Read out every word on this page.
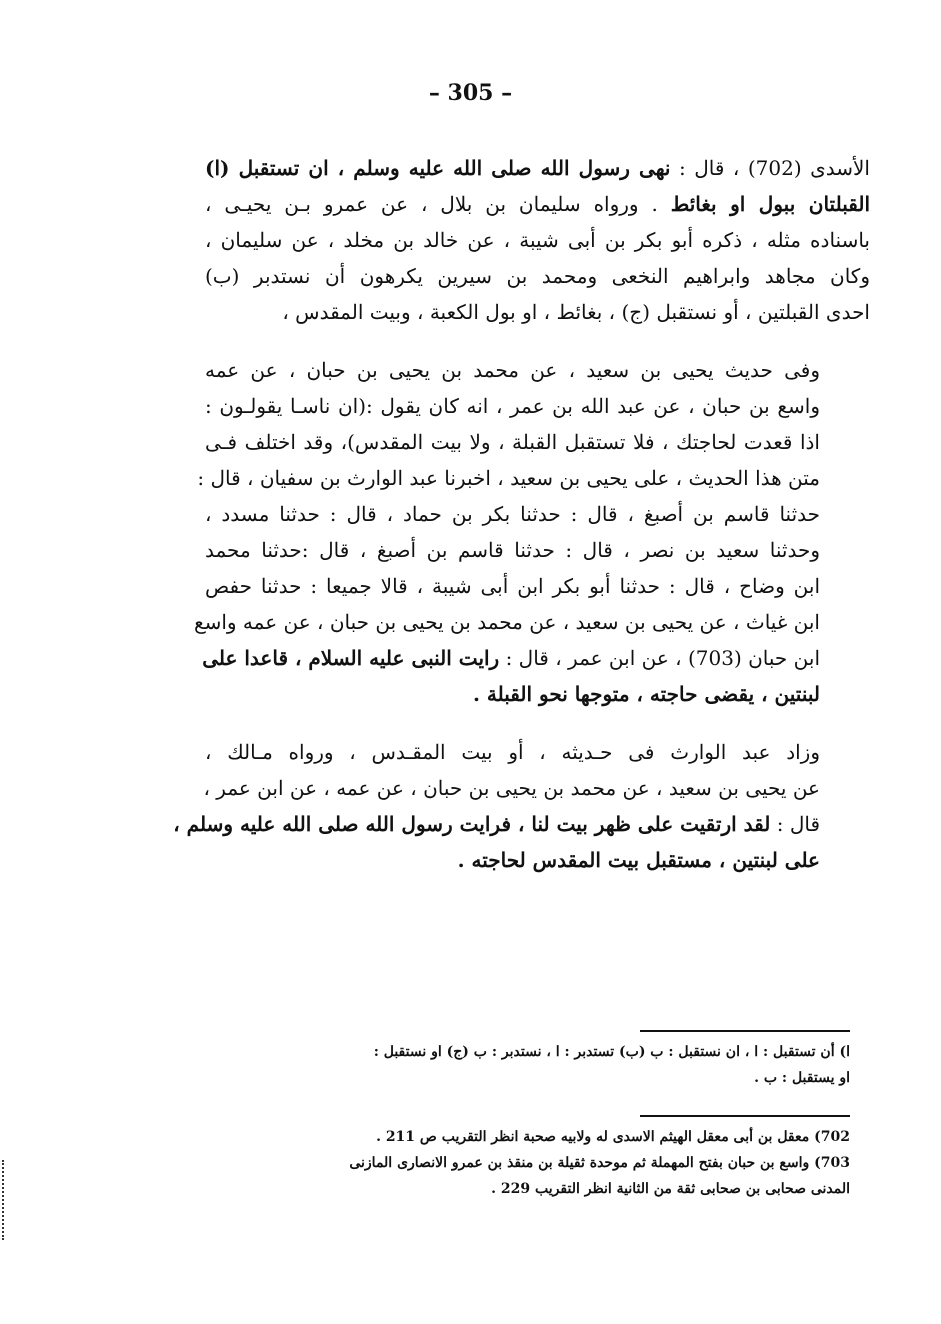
– 305 –
الأسدى (702) ، قال : نهى رسول الله صلى الله عليه وسلم ، ان تستقبل (ا)
القبلتان ببول او بغائط . ورواه سليمان بن بلال ، عن عمرو بـن يحيـى ،
باسناده مثله ، ذكره أبو بكر بن أبى شيبة ، عن خالد بن مخلد ، عن سليمان ،
وكان مجاهد وابراهيم النخعى ومحمد بن سيرين يكرهون أن نستدبر (ب)
احدى القبلتين ، أو نستقبل (ج) ، بغائط ، او بول الكعبة ، وبيت المقدس ،
وفى حديث يحيى بن سعيد ، عن محمد بن يحيى بن حبان ، عن عمه
واسع بن حبان ، عن عبد الله بن عمر ، انه كان يقول :(ان ناسـا يقولـون :
اذا قعدت لحاجتك ، فلا تستقبل القبلة ، ولا بيت المقدس)، وقد اختلف فـى
متن هذا الحديث ، على يحيى بن سعيد ، اخبرنا عبد الوارث بن سفيان ، قال :
حدثنا قاسم بن أصبغ ، قال : حدثنا بكر بن حماد ، قال : حدثنا مسدد ،
وحدثنا سعيد بن نصر ، قال : حدثنا قاسم بن أصبغ ، قال :حدثنا محمد
ابن وضاح ، قال : حدثنا أبو بكر ابن أبى شيبة ، قالا جميعا : حدثنا حفص
ابن غياث ، عن يحيى بن سعيد ، عن محمد بن يحيى بن حبان ، عن عمه واسع
ابن حبان (703) ، عن ابن عمر ، قال : رايت النبى عليه السلام ، قاعدا على
لبنتين ، يقضى حاجته ، متوجها نحو القبلة .
وزاد عبد الوارث فى حـديثه ، أو بيت المقـدس ، ورواه مـالك ،
عن يحيى بن سعيد ، عن محمد بن يحيى بن حبان ، عن عمه ، عن ابن عمر ،
قال : لقد ارتقيت على ظهر بيت لنا ، فرايت رسول الله صلى الله عليه وسلم ،
على لبنتين ، مستقبل بيت المقدس لحاجته .
ا) أن تستقبل : ا ، ان نستقبل : ب (ب) تستدبر : ا ، نستدبر : ب (ج) او نستقبل :
او يستقبل : ب .
702) معقل بن أبى معقل الهيثم الاسدى له ولابيه صحبة انظر التقريب ص 211 .
703) واسع بن حبان بفتح المهملة ثم موحدة ثقيلة بن منقذ بن عمرو الانصارى المازنى
المدنى صحابى بن صحابى ثقة من الثانية انظر التقريب 229 .
